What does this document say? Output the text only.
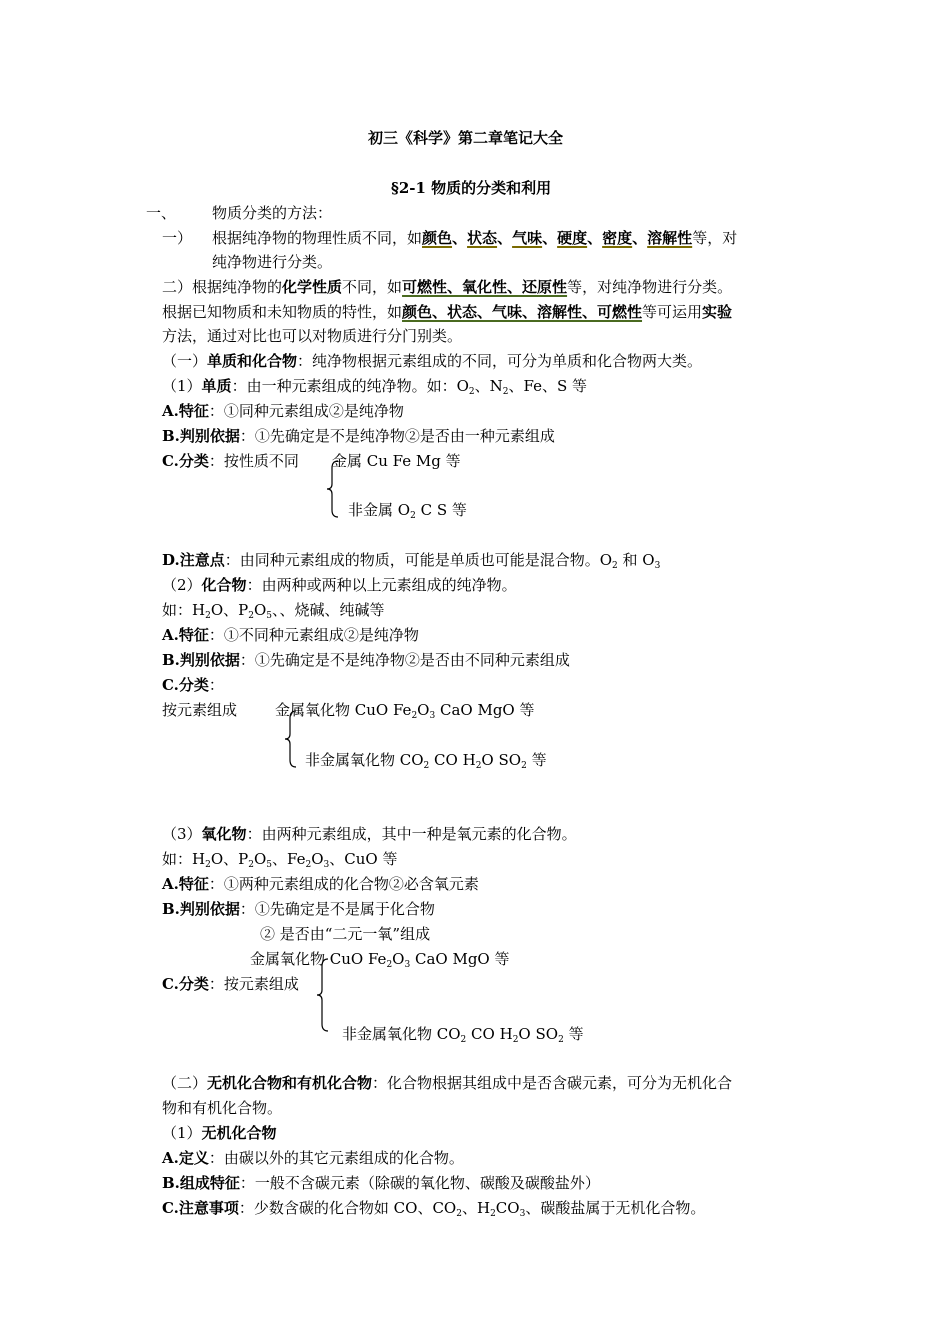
初三《科学》第二章笔记大全
§2-1 物质的分类和利用
一、 物质分类的方法：
一） 根据纯净物的物理性质不同，如颜色、状态、气味、硬度、密度、溶解性等，对
纯净物进行分类。
二）根据纯净物的化学性质不同，如可燃性、氧化性、还原性等，对纯净物进行分类。
根据已知物质和未知物质的特性，如颜色、状态、气味、溶解性、可燃性等可运用实验
方法，通过对比也可以对物质进行分门别类。
（一）单质和化合物：纯净物根据元素组成的不同，可分为单质和化合物两大类。
（1）单质：由一种元素组成的纯净物。如：$O_2$、$N_2$、Fe、S 等
A.特征：①同种元素组成②是纯净物
B.判别依据：①先确定是不是纯净物②是否由一种元素组成
C.分类：按性质不同 金属 Cu Fe Mg 等
非金属 $O_2$ C S 等
D.注意点：由同种元素组成的物质，可能是单质也可能是混合物。$O_2$ 和 $O_3$
（2）化合物：由两种或两种以上元素组成的纯净物。
如：$H_2O$、$P_2O_5$、、烧碱、纯碱等
A.特征：①不同种元素组成②是纯净物
B.判别依据：①先确定是不是纯净物②是否由不同种元素组成
C.分类：
按元素组成	金属氧化物 CuO $Fe_2O_3$ CaO MgO 等
非金属氧化物 $CO_2$ CO $H_2O$ $SO_2$ 等
（3）氧化物：由两种元素组成，其中一种是氧元素的化合物。
如：$H_2O$、$P_2O_5$、$Fe_2O_3$、CuO 等
A.特征：①两种元素组成的化合物②必含氧元素
B.判别依据：①先确定是不是属于化合物
② 是否由“二元一氧”组成
金属氧化物 CuO $Fe_2O_3$ CaO MgO 等
C.分类：按元素组成
非金属氧化物 $CO_2$ CO $H_2O$ $SO_2$ 等
（二）无机化合物和有机化合物：化合物根据其组成中是否含碳元素，可分为无机化合
物和有机化合物。
（1）无机化合物
A.定义：由碳以外的其它元素组成的化合物。
B.组成特征：一般不含碳元素（除碳的氧化物、碳酸及碳酸盐外）
C.注意事项：少数含碳的化合物如 CO、$CO_2$、$H_2CO_3$、碳酸盐属于无机化合物。
